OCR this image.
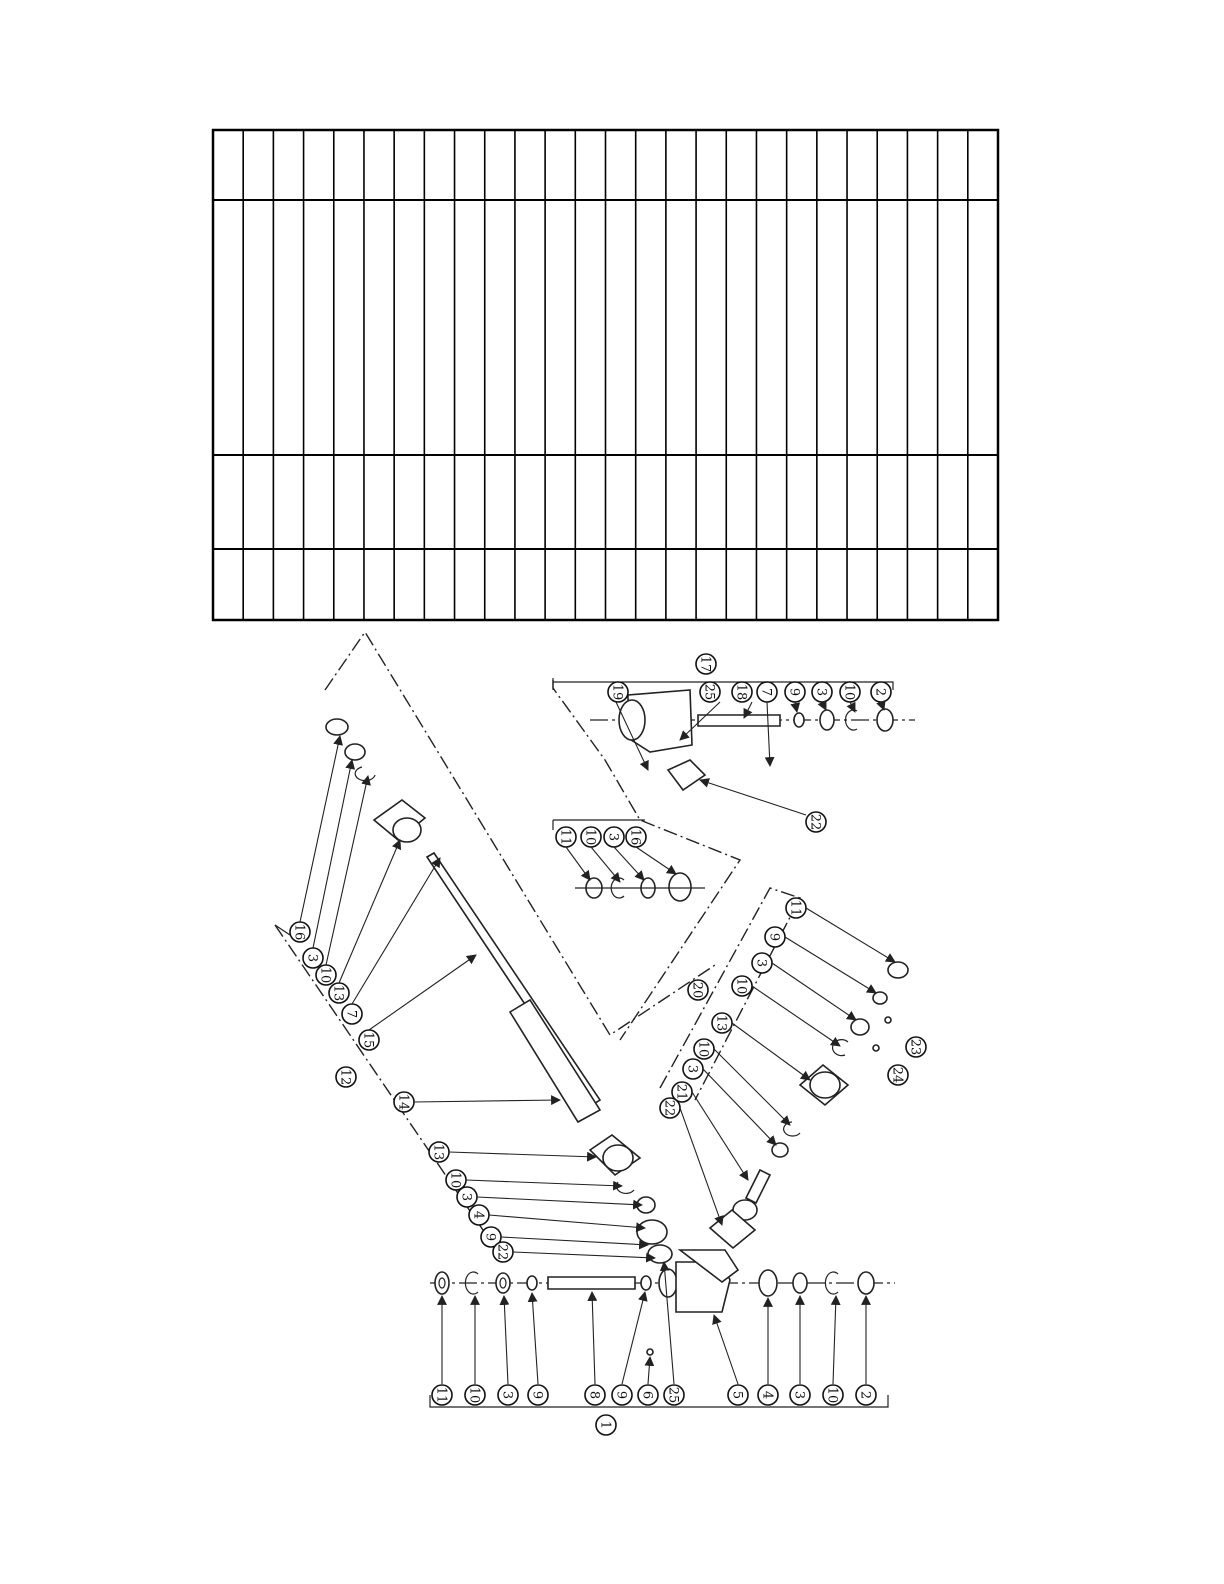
1
11 10 3 9	8 9 6 25	5 4 3 10 2
17
19	25 18 7 9 3 10 2
22
11 10 3 16
16
3
10
13
7
15
12
14
13
10
3
4
9
22
11
9
3
20 10
13
10
3
21
22
23
24
